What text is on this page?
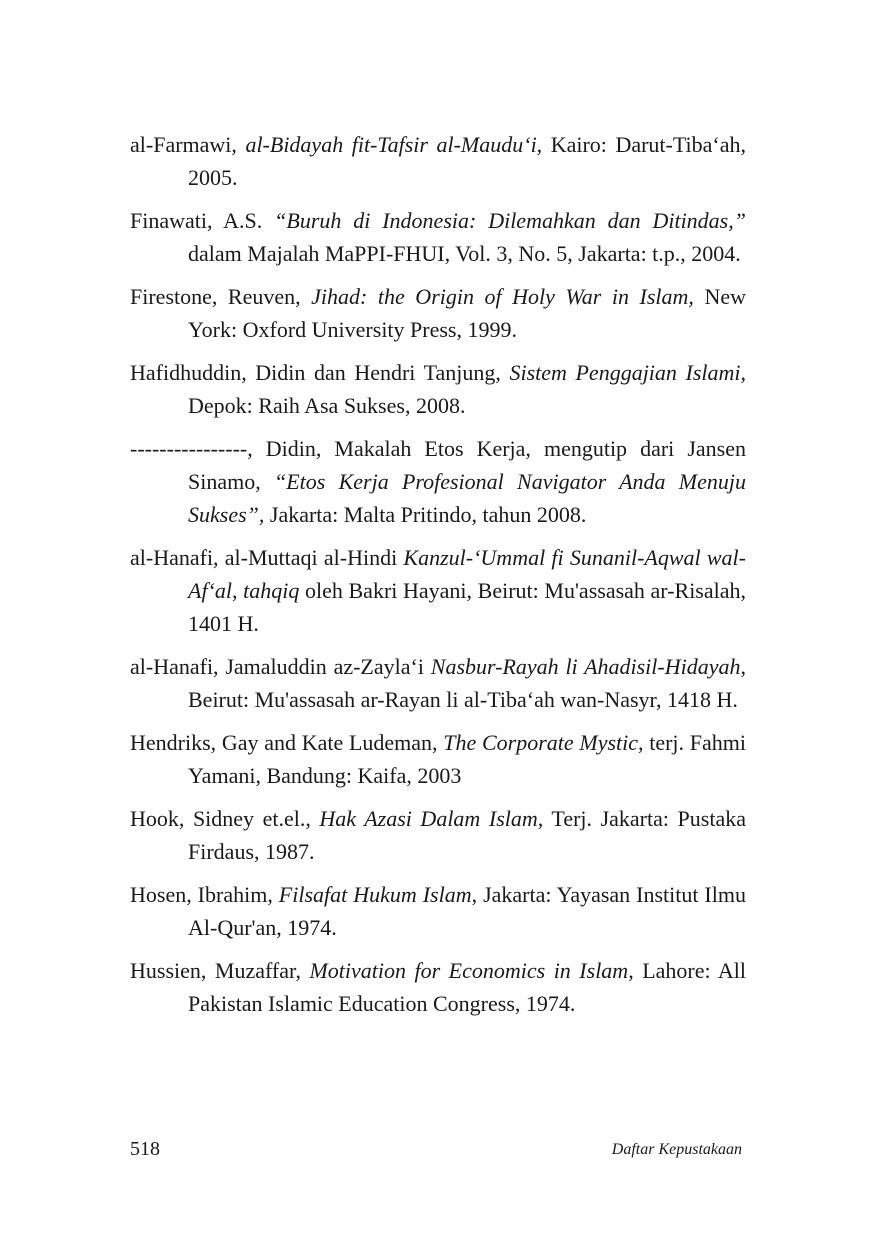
al-Farmawi, al-Bidayah fit-Tafsir al-Maudu‘i, Kairo: Darut-Tiba‘ah, 2005.
Finawati, A.S. “Buruh di Indonesia: Dilemahkan dan Ditindas,” dalam Majalah MaPPI-FHUI, Vol. 3, No. 5, Jakarta: t.p., 2004.
Firestone, Reuven, Jihad: the Origin of Holy War in Islam, New York: Oxford University Press, 1999.
Hafidhuddin, Didin dan Hendri Tanjung, Sistem Penggajian Islami, Depok: Raih Asa Sukses, 2008.
----------------, Didin, Makalah Etos Kerja, mengutip dari Jansen Sinamo, “Etos Kerja Profesional Navigator Anda Menuju Sukses”, Jakarta: Malta Pritindo, tahun 2008.
al-Hanafi, al-Muttaqi al-Hindi Kanzul-‘Ummal fi Sunanil-Aqwal wal-Af‘al, tahqiq oleh Bakri Hayani, Beirut: Mu'assasah ar-Risalah, 1401 H.
al-Hanafi, Jamaluddin az-Zayla‘i Nasbur-Rayah li Ahadisil-Hidayah, Beirut: Mu'assasah ar-Rayan li al-Tiba‘ah wan-Nasyr, 1418 H.
Hendriks, Gay and Kate Ludeman, The Corporate Mystic, terj. Fahmi Yamani, Bandung: Kaifa, 2003
Hook, Sidney et.el., Hak Azasi Dalam Islam, Terj. Jakarta: Pustaka Firdaus, 1987.
Hosen, Ibrahim, Filsafat Hukum Islam, Jakarta: Yayasan Institut Ilmu Al-Qur'an, 1974.
Hussien, Muzaffar, Motivation for Economics in Islam, Lahore: All Pakistan Islamic Education Congress, 1974.
518	Daftar Kepustakaan
